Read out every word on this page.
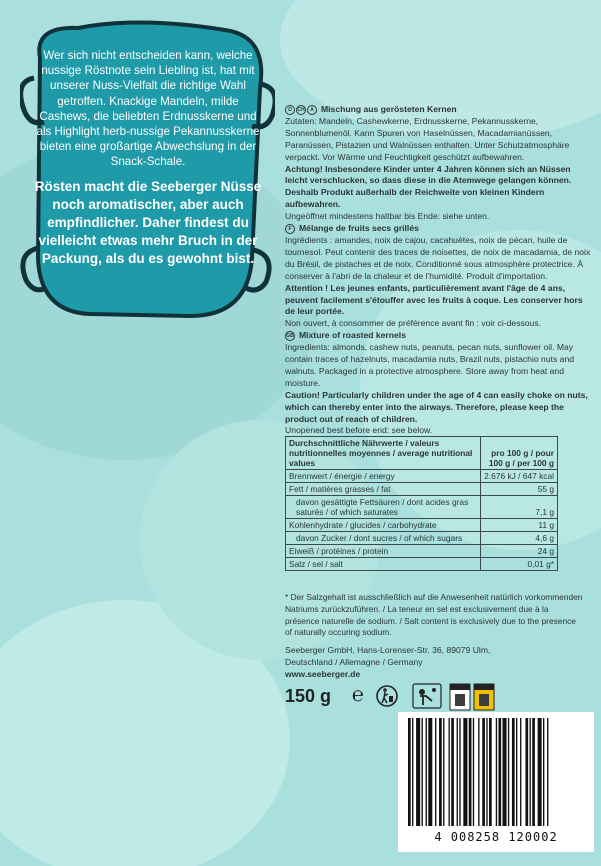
Wer sich nicht entscheiden kann, welche nussige Röstnote sein Liebling ist, hat mit unserer Nuss-Vielfalt die richtige Wahl getroffen. Knackige Mandeln, milde Cashews, die beliebten Erdnusskerne und als Highlight herb-nussige Pekannusskerne bieten eine großartige Abwechslung in der Snack-Schale.

Rösten macht die Seeberger Nüsse noch aromatischer, aber auch empfindlicher. Daher findest du vielleicht etwas mehr Bruch in der Packung, als du es gewohnt bist.

D	CH	A Mischung aus gerösteten Kernen

Zutaten: Mandeln, Cashewkerne, Erdnusskerne, Pekannusskerne, Sonnenblumenöl. Kann Spuren von Haselnüssen, Macadamianüssen, Paranüssen, Pistazien und Walnüssen enthalten. Unter Schutzatmosphäre verpackt. Vor Wärme und Feuchtigkeit geschützt aufbewahren.

Achtung! Insbesondere Kinder unter 4 Jahren können sich an Nüssen leicht verschlucken, so dass diese in die Atemwege gelangen können. Deshalb Produkt außerhalb der Reichweite von kleinen Kindern aufbewahren.

Ungeöffnet mindestens haltbar bis Ende: siehe unten.

F Mélange de fruits secs grillés

Ingrédients : amandes, noix de cajou, cacahuètes, noix de pécan, huile de tournesol. Peut contenir des traces de noisettes, de noix de macadamia, de noix du Brésil, de pistaches et de noix. Conditionné sous atmosphère protectrice. À conserver à l'abri de la chaleur et de l'humidité. Produit d'importation.

Attention ! Les jeunes enfants, particulièrement avant l'âge de 4 ans, peuvent facilement s'étouffer avec les fruits à coque. Les conserver hors de leur portée.

Non ouvert, à consommer de préférence avant fin : voir ci-dessous.

GB Mixture of roasted kernels

Ingredients: almonds, cashew nuts, peanuts, pecan nuts, sunflower oil. May contain traces of hazelnuts, macadamia nuts, Brazil nuts, pistachio nuts and walnuts. Packaged in a protective atmosphere. Store away from heat and moisture.

Caution! Particularly children under the age of 4 can easily choke on nuts, which can thereby enter into the airways. Therefore, please keep the product out of reach of children.

Unopened best before end: see below.

Durchschnittliche Nährwerte / valeurs nutritionnelles moyennes / average nutritional values	pro 100 g / pour 100 g / per 100 g
Brennwert / énergie / energy	2.676 kJ / 647 kcal
Fett / matières grasses / fat	55 g
davon gesättigte Fettsäuren / dont acides gras saturés / of which saturates	7,1 g
Kohlenhydrate / glucides / carbohydrate	11 g
davon Zucker / dont sucres / of which sugars	4,6 g
Eiweiß / protéines / protein	24 g
Salz / sel / salt	0,01 g*
* Der Salzgehalt ist ausschließlich auf die Anwesenheit natürlich vorkommenden Natriums zurückzuführen. / La teneur en sel est exclusivement due à la présence naturelle de sodium. / Salt content is exclusively due to the presence of naturally occuring sodium.
Seeberger GmbH, Hans-Lorenser-Str. 36, 89079 Ulm,
Deutschland / Allemagne / Germany
www.seeberger.de
150 g ℮
4 008258 120002
